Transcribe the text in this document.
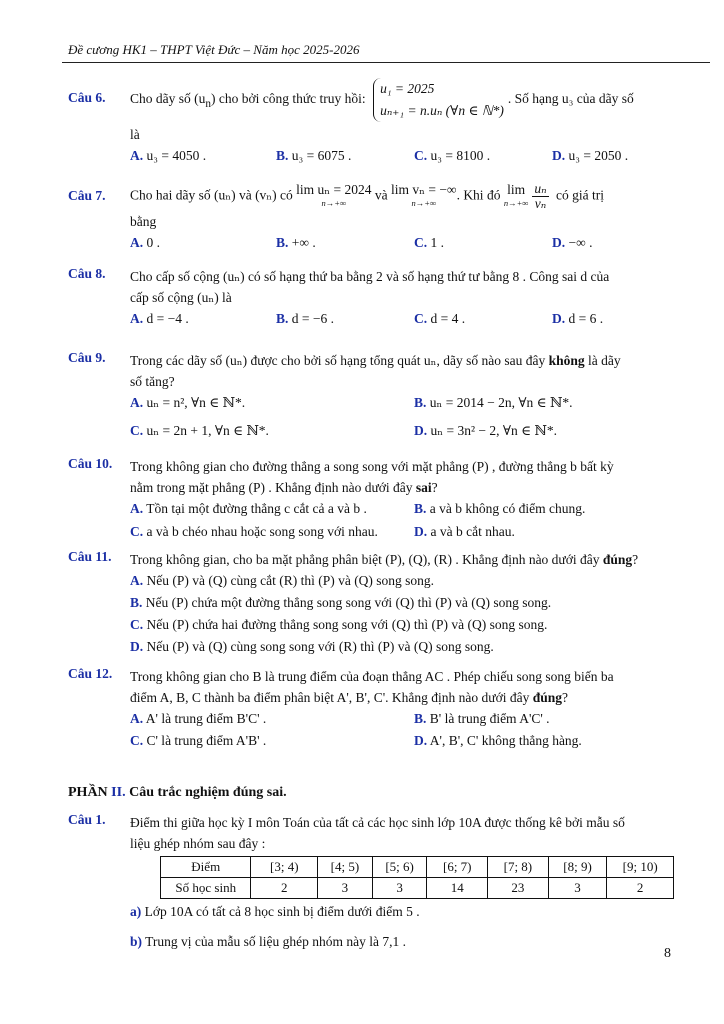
Đề cương HK1 – THPT Việt Đức – Năm học 2025-2026
Câu 6. Cho dãy số $(u_n)$ cho bởi công thức truy hồi: u₁ = 2025
uₙ₊₁ = n.uₙ (∀n ∈ ℕ*). Số hạng u₃ của dãy số
là
A. u₃ = 4050 .	B. u₃ = 6075 .	C. u₃ = 8100 .	D. u₃ = 2050 .
Câu 7. Cho hai dãy số (uₙ) và (vₙ) có lim uₙ = 2024
n→+∞ và lim vₙ = −∞
n→+∞. Khi đó lim
$n\to+\infty \frac{\text{uₙ}}{\text{vₙ}}$ có giá trị
bằng
A. 0 .	B. +∞ .	C. 1 .	D. −∞ .
Câu 8. Cho cấp số cộng (uₙ) có số hạng thứ ba bằng 2 và số hạng thứ tư bằng 8 . Công sai d của
cấp số cộng (uₙ) là
A. d = −4 .	B. d = −6 .	C. d = 4 .	D. d = 6 .
Câu 9. Trong các dãy số (uₙ) được cho bởi số hạng tổng quát uₙ, dãy số nào sau đây không là dãy
số tăng?
A. uₙ = n², ∀n ∈ ℕ*.	B. uₙ = 2014 − 2n, ∀n ∈ ℕ*.
C. uₙ = 2n + 1, ∀n ∈ ℕ*.	D. uₙ = 3n² − 2, ∀n ∈ ℕ*.
Câu 10. Trong không gian cho đường thẳng a song song với mặt phẳng (P) , đường thẳng b bất kỳ
nằm trong mặt phẳng (P) . Khẳng định nào dưới đây sai?
A. Tồn tại một đường thẳng c cắt cả a và b .	B. a và b không có điểm chung.
C. a và b chéo nhau hoặc song song với nhau.	D. a và b cắt nhau.
Câu 11. Trong không gian, cho ba mặt phẳng phân biệt (P), (Q), (R) . Khẳng định nào dưới đây đúng?
A. Nếu (P) và (Q) cùng cắt (R) thì (P) và (Q) song song.
B. Nếu (P) chứa một đường thẳng song song với (Q) thì (P) và (Q) song song.
C. Nếu (P) chứa hai đường thẳng song song với (Q) thì (P) và (Q) song song.
D. Nếu (P) và (Q) cùng song song với (R) thì (P) và (Q) song song.
Câu 12. Trong không gian cho B là trung điểm của đoạn thẳng AC . Phép chiếu song song biến ba
điểm A, B, C thành ba điểm phân biệt A', B', C'. Khẳng định nào dưới đây đúng?
A. A' là trung điểm B'C' .	B. B' là trung điểm A'C' .
C. C' là trung điểm A'B' .	D. A', B', C' không thẳng hàng.
PHẦN II. Câu trắc nghiệm đúng sai.
Câu 1. Điểm thi giữa học kỳ I môn Toán của tất cả các học sinh lớp 10A được thống kê bởi mẫu số
liệu ghép nhóm sau đây :
Điểm	[3; 4)	[4; 5)	[5; 6)	[6; 7)	[7; 8)	[8; 9)	[9; 10)
Số học sinh	2	3	3	14	23	3	2
a) Lớp 10A có tất cả 8 học sinh bị điểm dưới điểm 5 .
b) Trung vị của mẫu số liệu ghép nhóm này là 7,1 .
8
